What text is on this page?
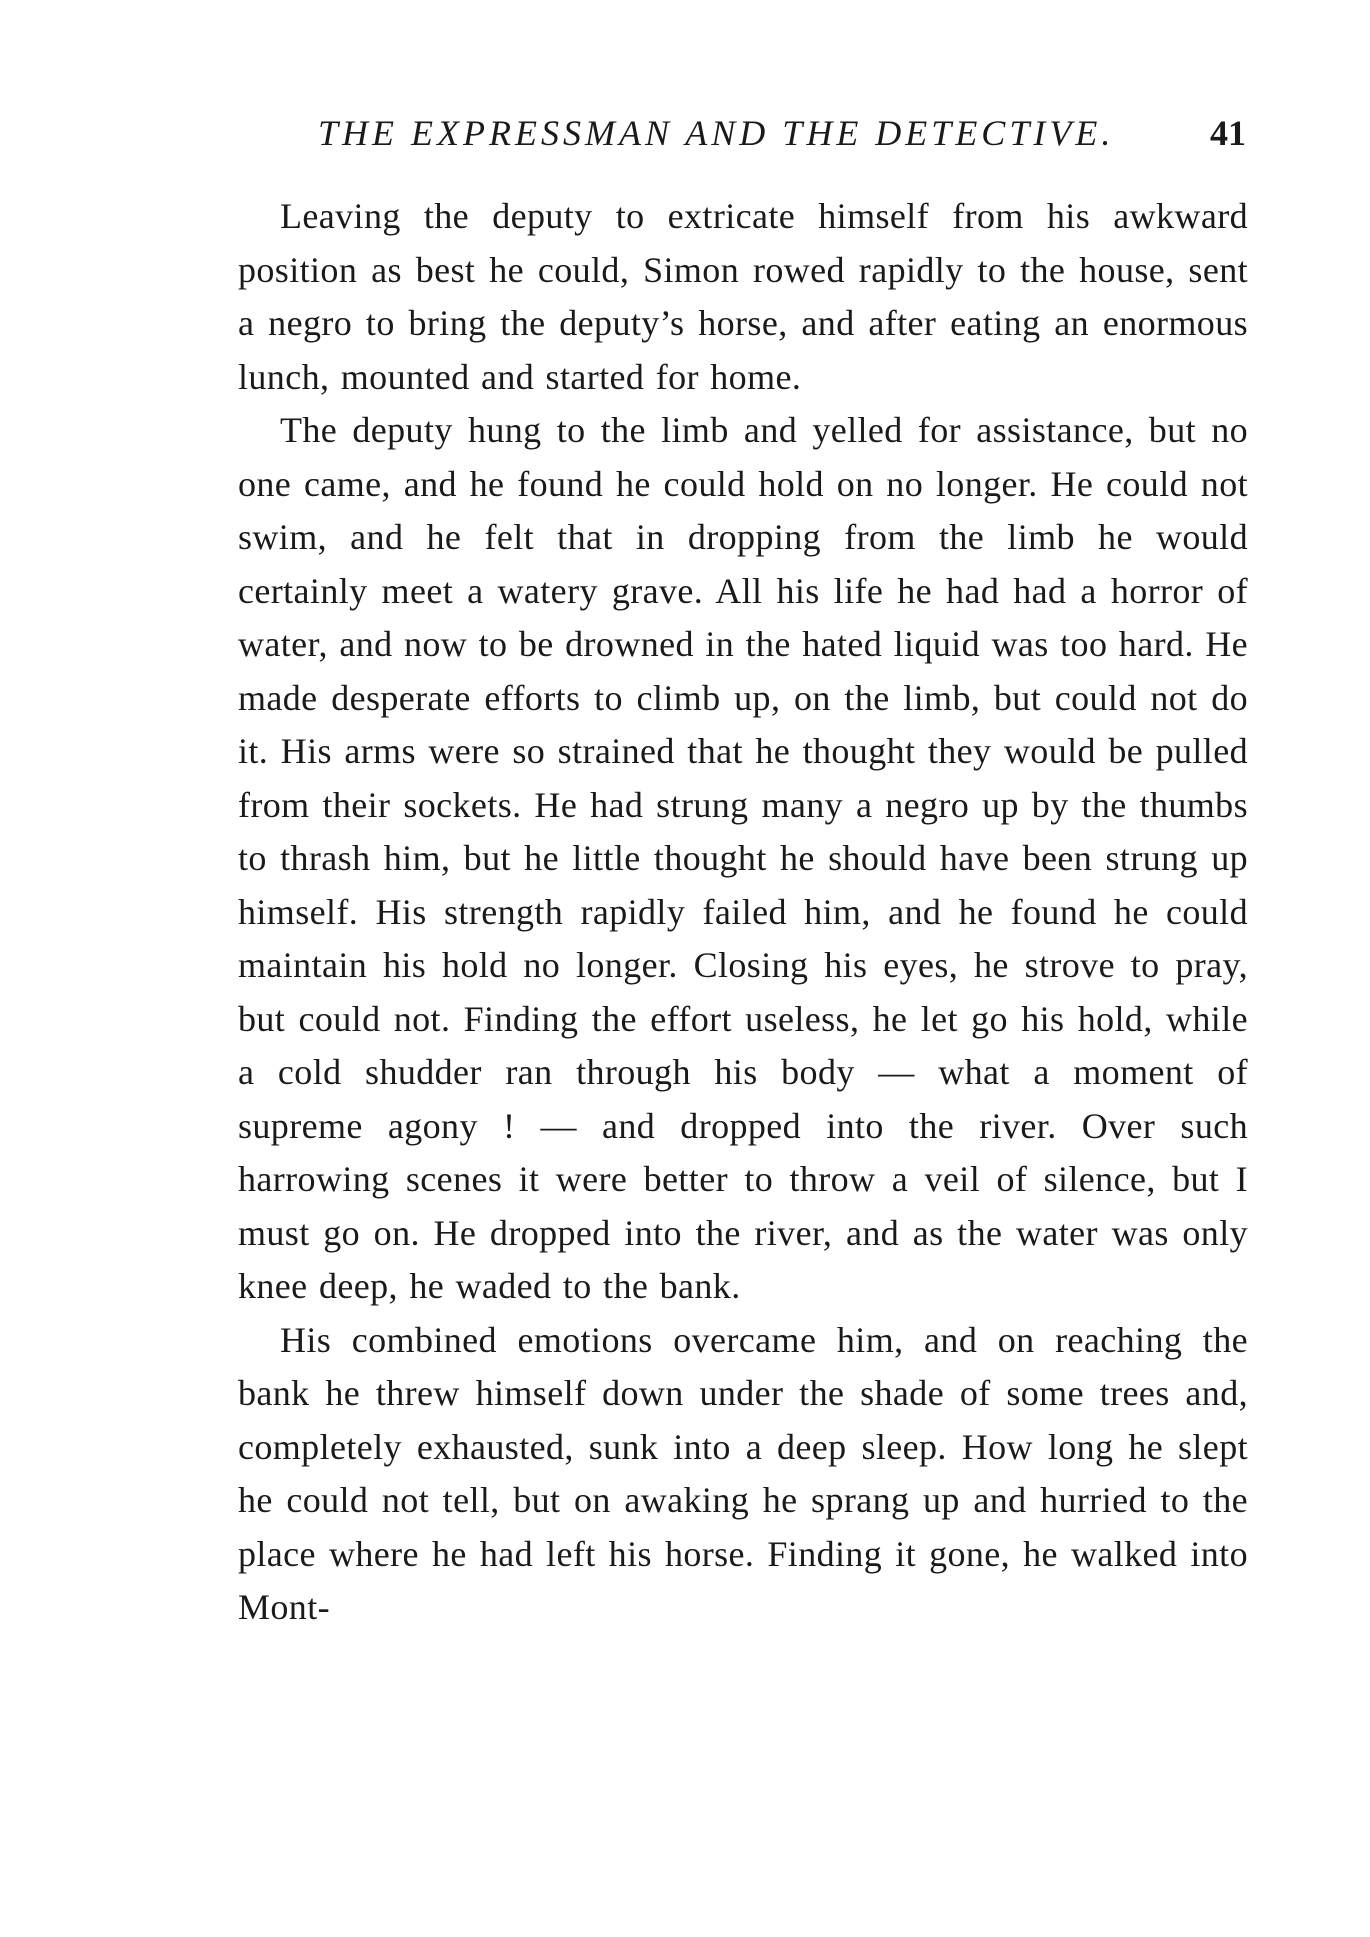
THE EXPRESSMAN AND THE DETECTIVE.	41

Leaving the deputy to extricate himself from his awkward position as best he could, Simon rowed rapidly to the house, sent a negro to bring the deputy’s horse, and after eating an enormous lunch, mounted and started for home.

The deputy hung to the limb and yelled for assistance, but no one came, and he found he could hold on no longer. He could not swim, and he felt that in dropping from the limb he would certainly meet a watery grave. All his life he had had a horror of water, and now to be drowned in the hated liquid was too hard. He made desperate efforts to climb up, on the limb, but could not do it. His arms were so strained that he thought they would be pulled from their sockets. He had strung many a negro up by the thumbs to thrash him, but he little thought he should have been strung up himself. His strength rapidly failed him, and he found he could maintain his hold no longer. Closing his eyes, he strove to pray, but could not. Finding the effort useless, he let go his hold, while a cold shudder ran through his body — what a moment of supreme agony ! — and dropped into the river. Over such harrowing scenes it were better to throw a veil of silence, but I must go on. He dropped into the river, and as the water was only knee deep, he waded to the bank.

His combined emotions overcame him, and on reaching the bank he threw himself down under the shade of some trees and, completely exhausted, sunk into a deep sleep. How long he slept he could not tell, but on awaking he sprang up and hurried to the place where he had left his horse. Finding it gone, he walked into Mont-
